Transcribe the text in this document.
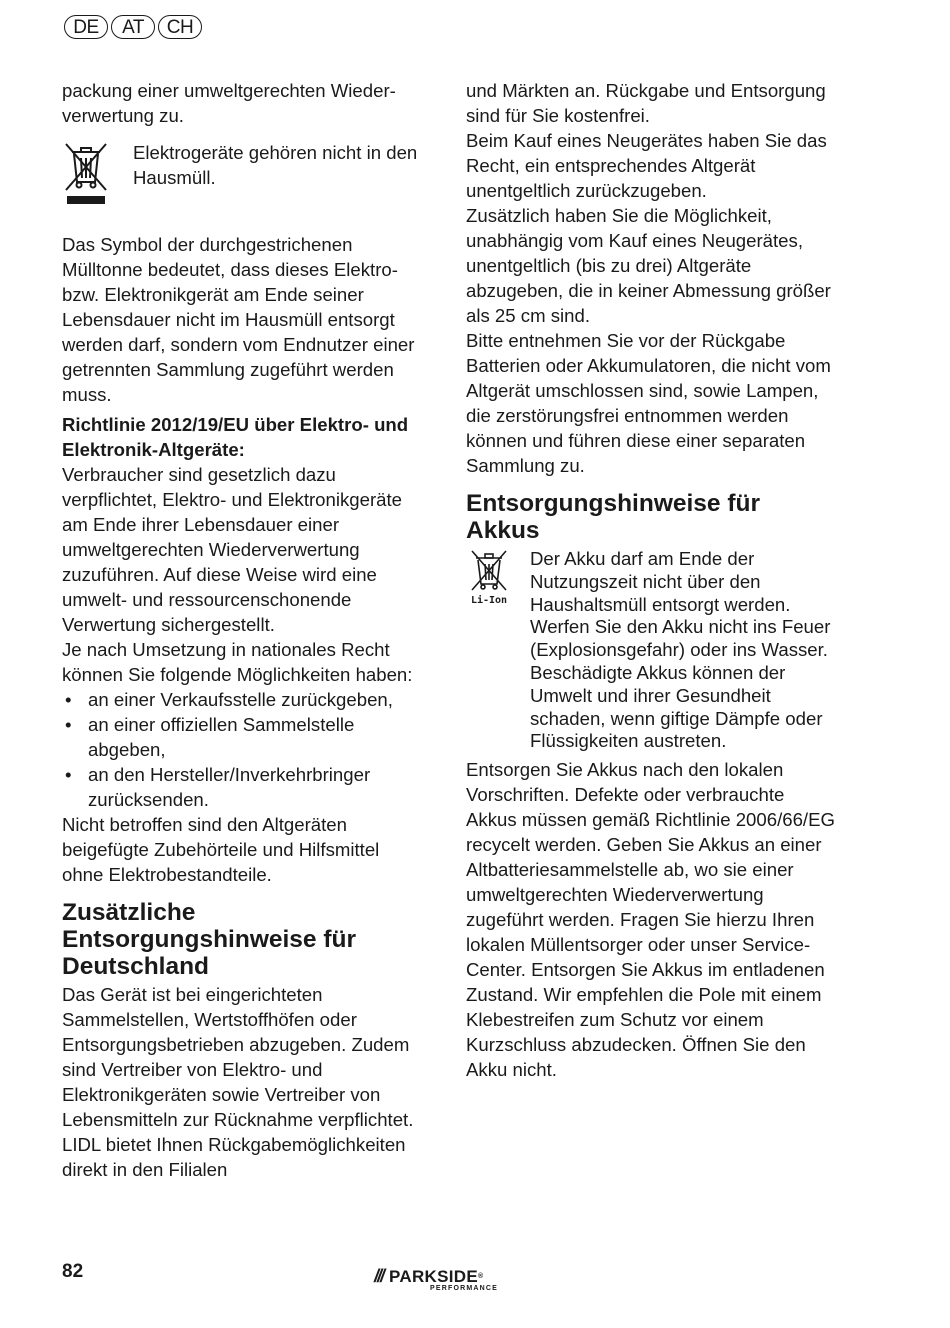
DE	AT	CH

packung einer umweltgerechten Wieder-verwertung zu.

Elektrogeräte gehören nicht in den Hausmüll.

Das Symbol der durchgestrichenen Mülltonne bedeutet, dass dieses Elektro- bzw. Elektronikgerät am Ende seiner Lebensdauer nicht im Hausmüll entsorgt werden darf, sondern vom Endnutzer einer getrennten Sammlung zugeführt werden muss.

Richtlinie 2012/19/EU über Elektro- und Elektronik-Altgeräte:

Verbraucher sind gesetzlich dazu verpflichtet, Elektro- und Elektronikgeräte am Ende ihrer Lebensdauer einer umweltgerechten Wiederverwertung zuzuführen. Auf diese Weise wird eine umwelt- und ressourcenschonende Verwertung sichergestellt.

Je nach Umsetzung in nationales Recht können Sie folgende Möglichkeiten haben:

• an einer Verkaufsstelle zurückgeben,
• an einer offiziellen Sammelstelle abgeben,
• an den Hersteller/Inverkehrbringer zurücksenden.

Nicht betroffen sind den Altgeräten beigefügte Zubehörteile und Hilfsmittel ohne Elektrobestandteile.

Zusätzliche Entsorgungshinweise für Deutschland

Das Gerät ist bei eingerichteten Sammelstellen, Wertstoffhöfen oder Entsorgungsbetrieben abzugeben. Zudem sind Vertreiber von Elektro- und Elektronikgeräten sowie Vertreiber von Lebensmitteln zur Rücknahme verpflichtet. LIDL bietet Ihnen Rückgabemöglichkeiten direkt in den Filialen

und Märkten an. Rückgabe und Entsorgung sind für Sie kostenfrei.

Beim Kauf eines Neugerätes haben Sie das Recht, ein entsprechendes Altgerät unentgeltlich zurückzugeben.

Zusätzlich haben Sie die Möglichkeit, unabhängig vom Kauf eines Neugerätes, unentgeltlich (bis zu drei) Altgeräte abzugeben, die in keiner Abmessung größer als 25 cm sind.

Bitte entnehmen Sie vor der Rückgabe Batterien oder Akkumulatoren, die nicht vom Altgerät umschlossen sind, sowie Lampen, die zerstörungsfrei entnommen werden können und führen diese einer separaten Sammlung zu.

Entsorgungshinweise für Akkus
Li-Ion
Der Akku darf am Ende der Nutzungszeit nicht über den Haushaltsmüll entsorgt werden. Werfen Sie den Akku nicht ins Feuer (Explosionsgefahr) oder ins Wasser. Beschädigte Akkus können der Umwelt und ihrer Gesundheit schaden, wenn giftige Dämpfe oder Flüssigkeiten austreten.

Entsorgen Sie Akkus nach den lokalen Vorschriften. Defekte oder verbrauchte Akkus müssen gemäß Richtlinie 2006/66/EG recycelt werden. Geben Sie Akkus an einer Altbatteriesammelstelle ab, wo sie einer umweltgerechten Wiederverwertung zugeführt werden. Fragen Sie hierzu Ihren lokalen Müllentsorger oder unser Service-Center. Entsorgen Sie Akkus im entladenen Zustand. Wir empfehlen die Pole mit einem Klebestreifen zum Schutz vor einem Kurzschluss abzudecken. Öffnen Sie den Akku nicht.

82	/// PARKSIDE ®
PERFORMANCE
